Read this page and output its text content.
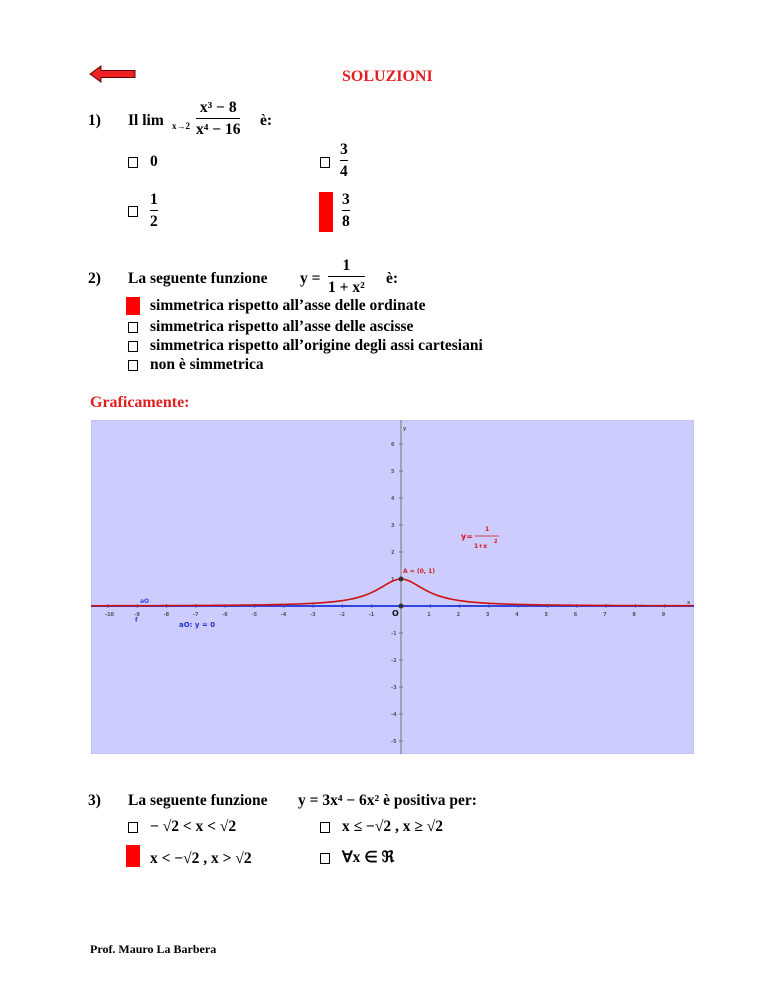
SOLUZIONI
1) Il lim x→2
x³ − 8
x⁴ − 16
è:
0
3
4
1
2
3
8
2) La seguente funzione y =
1
1 + x²
è:
simmetrica rispetto all’asse delle ordinate
simmetrica rispetto all’asse delle ascisse
simmetrica rispetto all’origine degli assi cartesiani
non è simmetrica
Graficamente:
-10	-9	-8	-7	-6	-5	-4	-3	-2	-1	1	2	3	4	5	6	7	8	9
6
5
4
3
2
1
-1
-2
-3
-4
-5
y
x
A = (0, 1)
O
aO
f
aO: y = 0
y=
1
2
1+x
3) La seguente funzione y = 3x⁴ − 6x² è positiva per:
− √2 < x < √2	x ≤ −√2 , x ≥ √2
x < −√2 , x > √2	∀x ∈ ℜ
Prof. Mauro La Barbera
